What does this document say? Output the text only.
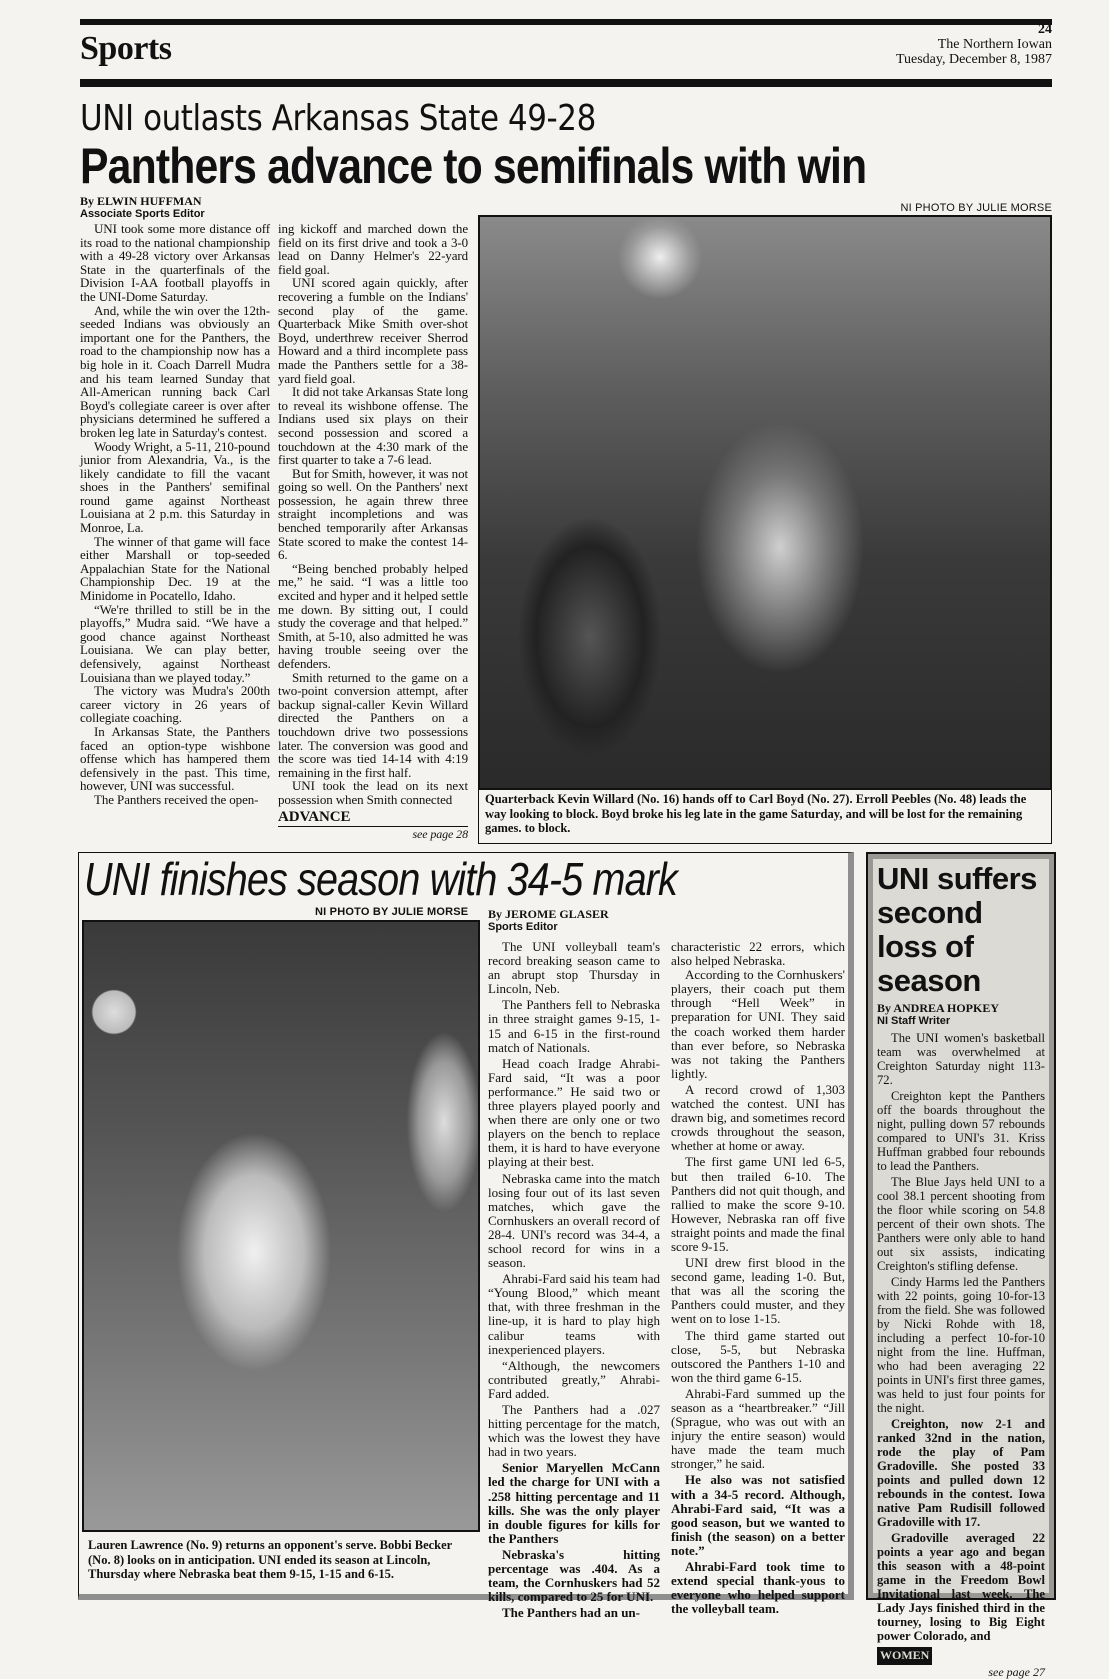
Sports
24
The Northern Iowan
Tuesday, December 8, 1987
UNI outlasts Arkansas State 49-28
Panthers advance to semifinals with win
By ELWIN HUFFMAN
Associate Sports Editor

UNI took some more distance off its road to the national championship with a 49-28 victory over Arkansas State in the quarterfinals of the Division I-AA football playoffs in the UNI-Dome Saturday.

And, while the win over the 12th-seeded Indians was obviously an important one for the Panthers, the road to the championship now has a big hole in it. Coach Darrell Mudra and his team learned Sunday that All-American running back Carl Boyd's collegiate career is over after physicians determined he suffered a broken leg late in Saturday's contest.

Woody Wright, a 5-11, 210-pound junior from Alexandria, Va., is the likely candidate to fill the vacant shoes in the Panthers' semifinal round game against Northeast Louisiana at 2 p.m. this Saturday in Monroe, La.

The winner of that game will face either Marshall or top-seeded Appalachian State for the National Championship Dec. 19 at the Minidome in Pocatello, Idaho.

“We're thrilled to still be in the playoffs,” Mudra said. “We have a good chance against Northeast Louisiana. We can play better, defensively, against Northeast Louisiana than we played today.”

The victory was Mudra's 200th career victory in 26 years of collegiate coaching.

In Arkansas State, the Panthers faced an option-type wishbone offense which has hampered them defensively in the past. This time, however, UNI was successful.

The Panthers received the open-

ing kickoff and marched down the field on its first drive and took a 3-0 lead on Danny Helmer's 22-yard field goal.

UNI scored again quickly, after recovering a fumble on the Indians' second play of the game. Quarterback Mike Smith over-shot Boyd, underthrew receiver Sherrod Howard and a third incomplete pass made the Panthers settle for a 38-yard field goal.

It did not take Arkansas State long to reveal its wishbone offense. The Indians used six plays on their second possession and scored a touchdown at the 4:30 mark of the first quarter to take a 7-6 lead.

But for Smith, however, it was not going so well. On the Panthers' next possession, he again threw three straight incompletions and was benched temporarily after Arkansas State scored to make the contest 14-6.

“Being benched probably helped me,” he said. “I was a little too excited and hyper and it helped settle me down. By sitting out, I could study the coverage and that helped.” Smith, at 5-10, also admitted he was having trouble seeing over the defenders.

Smith returned to the game on a two-point conversion attempt, after backup signal-caller Kevin Willard directed the Panthers on a touchdown drive two possessions later. The conversion was good and the score was tied 14-14 with 4:19 remaining in the first half.

UNI took the lead on its next possession when Smith connected

ADVANCE
see page 28
NI PHOTO BY JULIE MORSE
Quarterback Kevin Willard (No. 16) hands off to Carl Boyd (No. 27). Erroll Peebles (No. 48) leads the way looking to block. Boyd broke his leg late in the game Saturday, and will be lost for the remaining games. to block.
UNI finishes season with 34-5 mark
NI PHOTO BY JULIE MORSE
Lauren Lawrence (No. 9) returns an opponent's serve. Bobbi Becker (No. 8) looks on in anticipation. UNI ended its season at Lincoln, Thursday where Nebraska beat them 9-15, 1-15 and 6-15.
By JEROME GLASER
Sports Editor

The UNI volleyball team's record breaking season came to an abrupt stop Thursday in Lincoln, Neb.

The Panthers fell to Nebraska in three straight games 9-15, 1-15 and 6-15 in the first-round match of Nationals.

Head coach Iradge Ahrabi-Fard said, “It was a poor performance.” He said two or three players played poorly and when there are only one or two players on the bench to replace them, it is hard to have everyone playing at their best.

Nebraska came into the match losing four out of its last seven matches, which gave the Cornhuskers an overall record of 28-4. UNI's record was 34-4, a school record for wins in a season.

Ahrabi-Fard said his team had “Young Blood,” which meant that, with three freshman in the line-up, it is hard to play high calibur teams with inexperienced players.

“Although, the newcomers contributed greatly,” Ahrabi-Fard added.

The Panthers had a .027 hitting percentage for the match, which was the lowest they have had in two years.

Senior Maryellen McCann led the charge for UNI with a .258 hitting percentage and 11 kills. She was the only player in double figures for kills for the Panthers

Nebraska's hitting percentage was .404. As a team, the Cornhuskers had 52 kills, compared to 25 for UNI.

The Panthers had an un-

characteristic 22 errors, which also helped Nebraska.

According to the Cornhuskers' players, their coach put them through “Hell Week” in preparation for UNI. They said the coach worked them harder than ever before, so Nebraska was not taking the Panthers lightly.

A record crowd of 1,303 watched the contest. UNI has drawn big, and sometimes record crowds throughout the season, whether at home or away.

The first game UNI led 6-5, but then trailed 6-10. The Panthers did not quit though, and rallied to make the score 9-10. However, Nebraska ran off five straight points and made the final score 9-15.

UNI drew first blood in the second game, leading 1-0. But, that was all the scoring the Panthers could muster, and they went on to lose 1-15.

The third game started out close, 5-5, but Nebraska outscored the Panthers 1-10 and won the third game 6-15.

Ahrabi-Fard summed up the season as a “heartbreaker.” “Jill (Sprague, who was out with an injury the entire season) would have made the team much stronger,” he said.

He also was not satisfied with a 34-5 record. Although, Ahrabi-Fard said, “It was a good season, but we wanted to finish (the season) on a better note.”

Ahrabi-Fard took time to extend special thank-yous to everyone who helped support the volleyball team.

UNI suffers second loss of season
By ANDREA HOPKEY
NI Staff Writer

The UNI women's basketball team was overwhelmed at Creighton Saturday night 113-72.

Creighton kept the Panthers off the boards throughout the night, pulling down 57 rebounds compared to UNI's 31. Kriss Huffman grabbed four rebounds to lead the Panthers.

The Blue Jays held UNI to a cool 38.1 percent shooting from the floor while scoring on 54.8 percent of their own shots. The Panthers were only able to hand out six assists, indicating Creighton's stifling defense.

Cindy Harms led the Panthers with 22 points, going 10-for-13 from the field. She was followed by Nicki Rohde with 18, including a perfect 10-for-10 night from the line. Huffman, who had been averaging 22 points in UNI's first three games, was held to just four points for the night.

Creighton, now 2-1 and ranked 32nd in the nation, rode the play of Pam Gradoville. She posted 33 points and pulled down 12 rebounds in the contest. Iowa native Pam Rudisill followed Gradoville with 17.

Gradoville averaged 22 points a year ago and began this season with a 48-point game in the Freedom Bowl Invitational last week. The Lady Jays finished third in the tourney, losing to Big Eight power Colorado, and

WOMEN
see page 27
